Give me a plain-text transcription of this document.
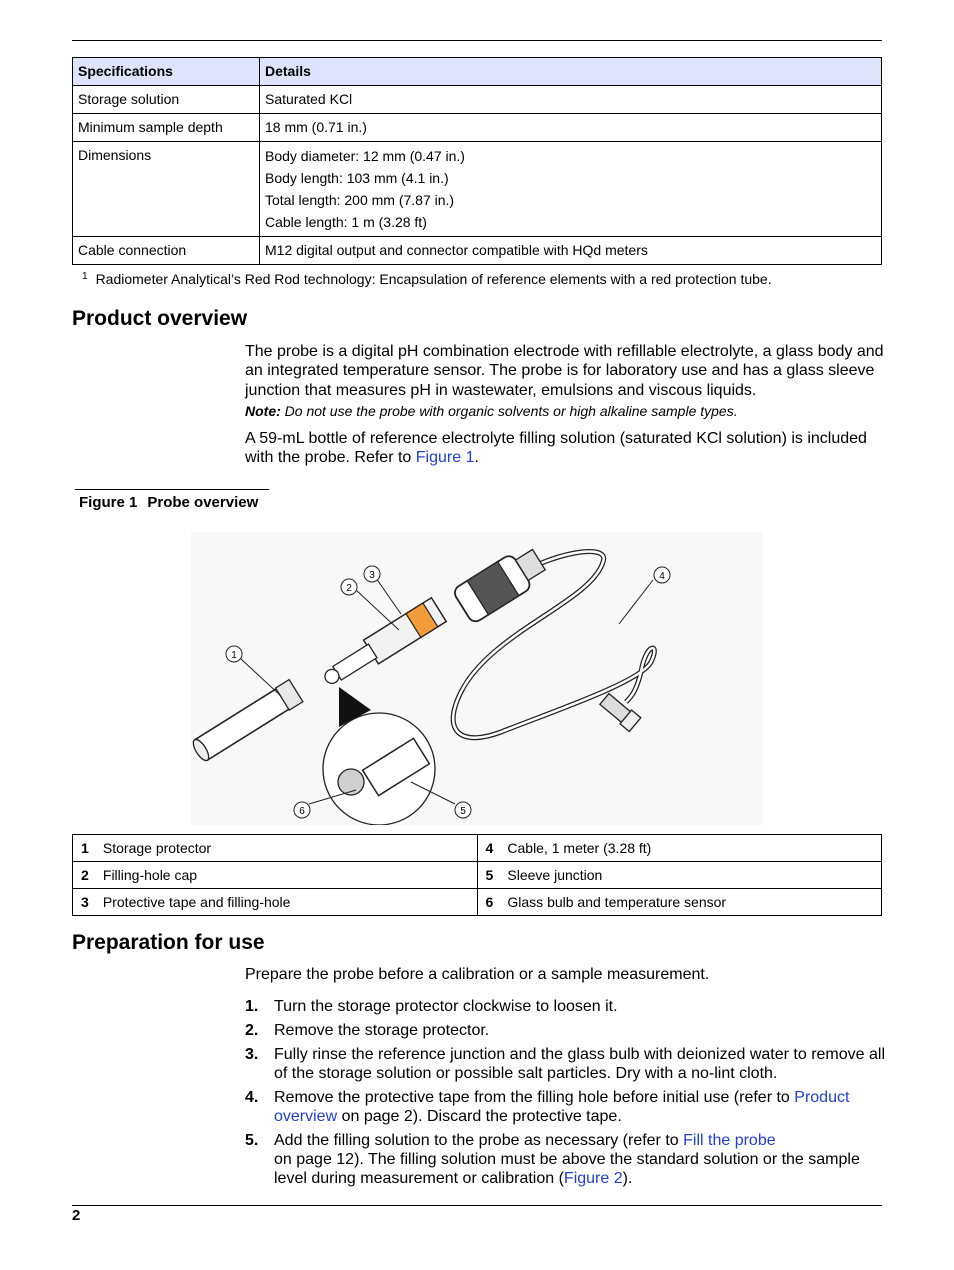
Specifications	Details
Storage solution	Saturated KCl
Minimum sample depth	18 mm (0.71 in.)
Dimensions	Body diameter: 12 mm (0.47 in.)
Body length: 103 mm (4.1 in.)
Total length: 200 mm (7.87 in.)
Cable length: 1 m (3.28 ft)

Cable connection	M12 digital output and connector compatible with HQd meters
$^1$ Radiometer Analytical’s Red Rod technology: Encapsulation of reference elements with a red protection tube.
Product overview

The probe is a digital pH combination electrode with refillable electrolyte, a glass body and an integrated temperature sensor. The probe is for laboratory use and has a glass sleeve junction that measures pH in wastewater, emulsions and viscous liquids.

Note: Do not use the probe with organic solvents or high alkaline sample types.

A 59-mL bottle of reference electrolyte filling solution (saturated KCl solution) is included with the probe. Refer to Figure 1.

Figure 1 Probe overview
1
2
3	4
5
6
1 Storage protector	4 Cable, 1 meter (3.28 ft)
2 Filling-hole cap	5 Sleeve junction
3 Protective tape and filling-hole	6 Glass bulb and temperature sensor
Preparation for use

Prepare the probe before a calibration or a sample measurement.

1. Turn the storage protector clockwise to loosen it.
2. Remove the storage protector.
3. Fully rinse the reference junction and the glass bulb with deionized water to remove all of the storage solution or possible salt particles. Dry with a no-lint cloth.
4. Remove the protective tape from the filling hole before initial use (refer to Product overview on page 2). Discard the protective tape.
5. Add the filling solution to the probe as necessary (refer to Fill the probe
on page 12). The filling solution must be above the standard solution or the sample level during measurement or calibration (Figure 2).
2
